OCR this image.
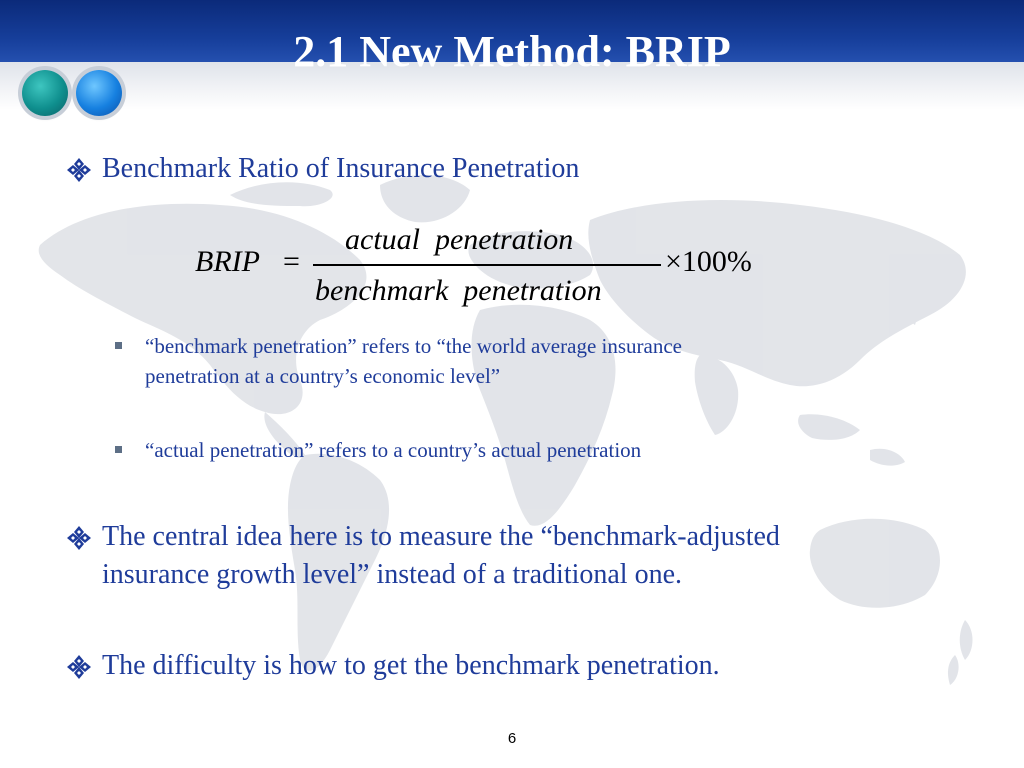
2.1 New Method: BRIP
Benchmark Ratio of Insurance Penetration
BRIP =
actual  penetration
benchmark  penetration
×100%
“benchmark penetration” refers to “the world average insurance
penetration at a country’s economic level”
“actual penetration” refers to a country’s actual penetration
The central idea here is to measure the “benchmark-adjusted
insurance growth level” instead of a traditional one.
The difficulty is how to get the benchmark penetration.
6
